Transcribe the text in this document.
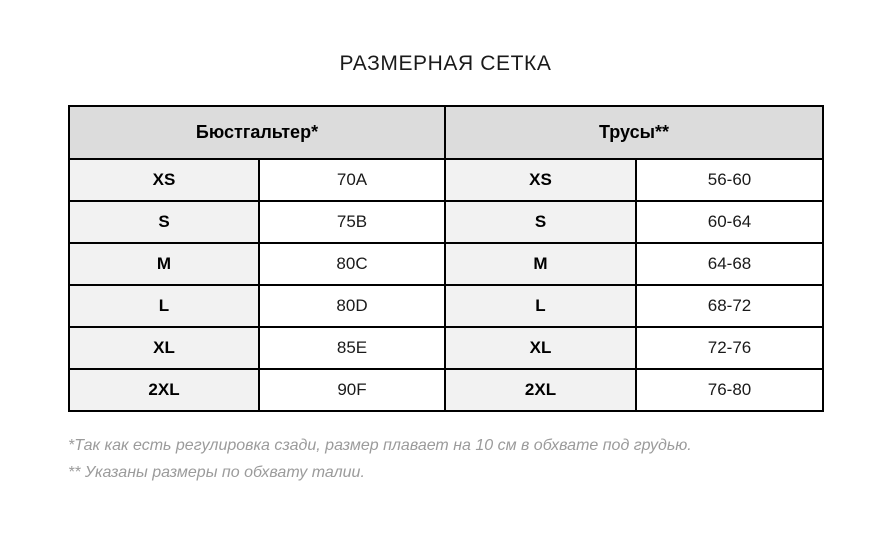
РАЗМЕРНАЯ СЕТКА
Бюстгальтер*		Трусы**	
XS	70A	XS	56-60
S	75B	S	60-64
M	80C	M	64-68
L	80D	L	68-72
XL	85E	XL	72-76
2XL	90F	2XL	76-80
*Так как есть регулировка сзади, размер плавает на 10 см в обхвате под грудью.
** Указаны размеры по обхвату талии.
